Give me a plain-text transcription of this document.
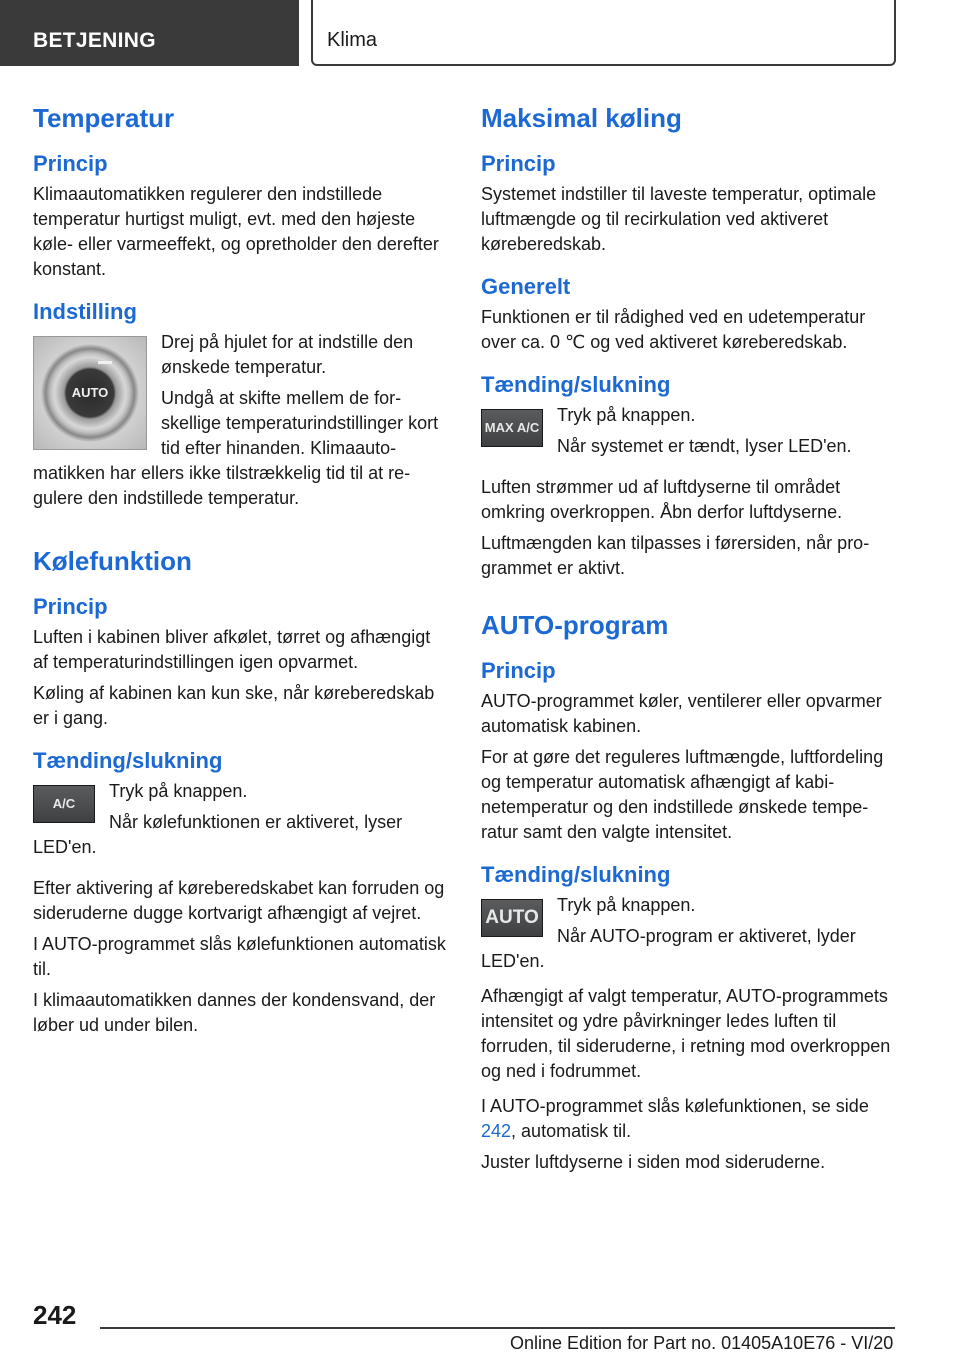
BETJENING	Klima
Temperatur
Princip
Klimaautomatikken regulerer den indstillede temperatur hurtigst muligt, evt. med den højeste køle- eller varmeeffekt, og opretholder den derefter konstant.
Indstilling
AUTO
Drej på hjulet for at indstille den ønskede temperatur.
Undgå at skifte mellem de forskellige temperaturindstillinger kort tid efter hinanden. Klimaautomatikken har ellers ikke tilstrækkelig tid til at regulere den indstillede temperatur.
Kølefunktion
Princip
Luften i kabinen bliver afkølet, tørret og afhængigt af temperaturindstillingen igen opvarmet.
Køling af kabinen kan kun ske, når køreberedskab er i gang.
Tænding/slukning
A/C
Tryk på knappen.
Når kølefunktionen er aktiveret, lyser LED'en.
Efter aktivering af køreberedskabet kan forruden og sideruderne dugge kortvarigt afhængigt af vejret.
I AUTO-programmet slås kølefunktionen automatisk til.
I klimaautomatikken dannes der kondensvand, der løber ud under bilen.
Maksimal køling
Princip
Systemet indstiller til laveste temperatur, optimale luftmængde og til recirkulation ved aktiveret køreberedskab.
Generelt
Funktionen er til rådighed ved en udetemperatur over ca. 0 ℃ og ved aktiveret køreberedskab.
Tænding/slukning
MAX A/C
Tryk på knappen.
Når systemet er tændt, lyser LED'en.
Luften strømmer ud af luftdyserne til området omkring overkroppen. Åbn derfor luftdyserne.
Luftmængden kan tilpasses i førersiden, når programmet er aktivt.
AUTO-program
Princip
AUTO-programmet køler, ventilerer eller opvarmer automatisk kabinen.
For at gøre det reguleres luftmængde, luftfordeling og temperatur automatisk afhængigt af kabinetemperatur og den indstillede ønskede temperatur samt den valgte intensitet.
Tænding/slukning
AUTO
Tryk på knappen.
Når AUTO-program er aktiveret, lyder LED'en.
Afhængigt af valgt temperatur, AUTO-programmets intensitet og ydre påvirkninger ledes luften til forruden, til sideruderne, i retning mod overkroppen og ned i fodrummet.
I AUTO-programmet slås kølefunktionen, se side 242, automatisk til.
Juster luftdyserne i siden mod sideruderne.
242
Online Edition for Part no. 01405A10E76 - VI/20
